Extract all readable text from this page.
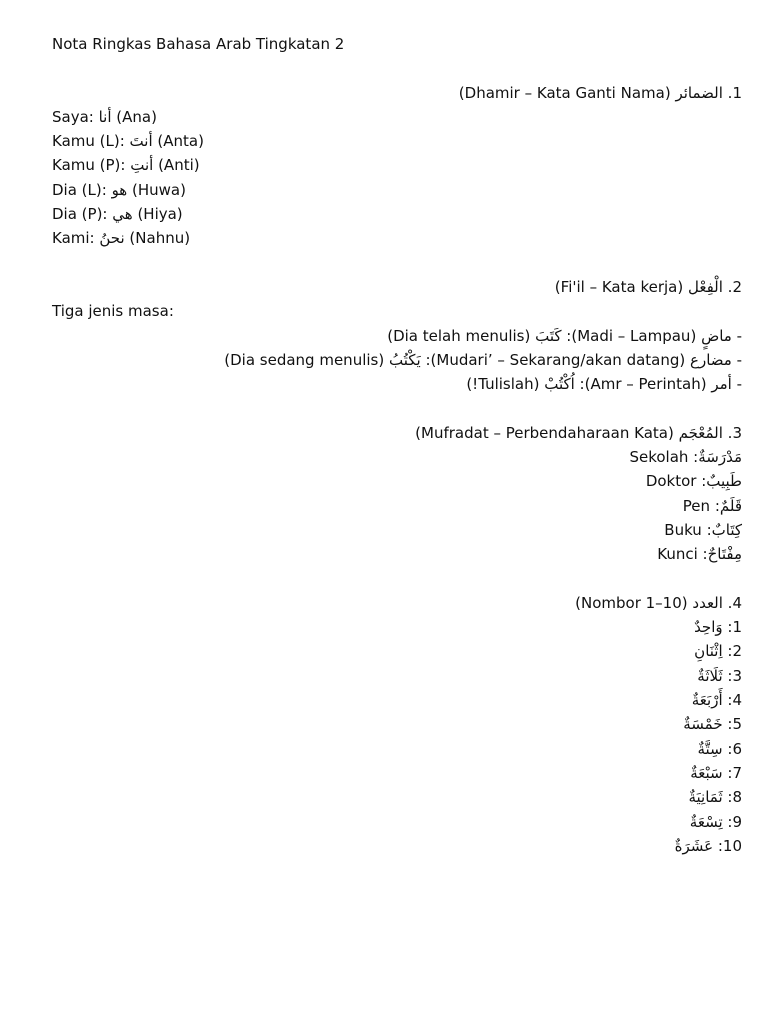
Nota Ringkas Bahasa Arab Tingkatan 2
1. الضمائر (Dhamir – Kata Ganti Nama)
Saya: أنا (Ana)
Kamu (L): أنتَ (Anta)
Kamu (P): أنتِ (Anti)
Dia (L): هو (Huwa)
Dia (P): هي (Hiya)
Kami: نحنُ (Nahnu)
2. الْفِعْل (Fi'il – Kata kerja)
Tiga jenis masa:
- ماضٍ (Madi – Lampau): كَتَبَ (Dia telah menulis)
- مضارع (Mudari’ – Sekarang/akan datang): يَكْتُبُ (Dia sedang menulis)
- أمر (Amr – Perintah): اُكْتُبْ (Tulislah!)
3. المُعْجَم (Mufradat – Perbendaharaan Kata)
مَدْرَسَةٌ: Sekolah
طَبِيبٌ: Doktor
قَلَمٌ: Pen
كِتَابٌ: Buku
مِفْتَاحٌ: Kunci
4. العدد (Nombor 1–10)
1: وَاحِدٌ
2: اِثْنَانِ
3: ثَلَاثَةٌ
4: أَرْبَعَةٌ
5: خَمْسَةٌ
6: سِتَّةٌ
7: سَبْعَةٌ
8: ثَمَانِيَةٌ
9: تِسْعَةٌ
10: عَشَرَةٌ
